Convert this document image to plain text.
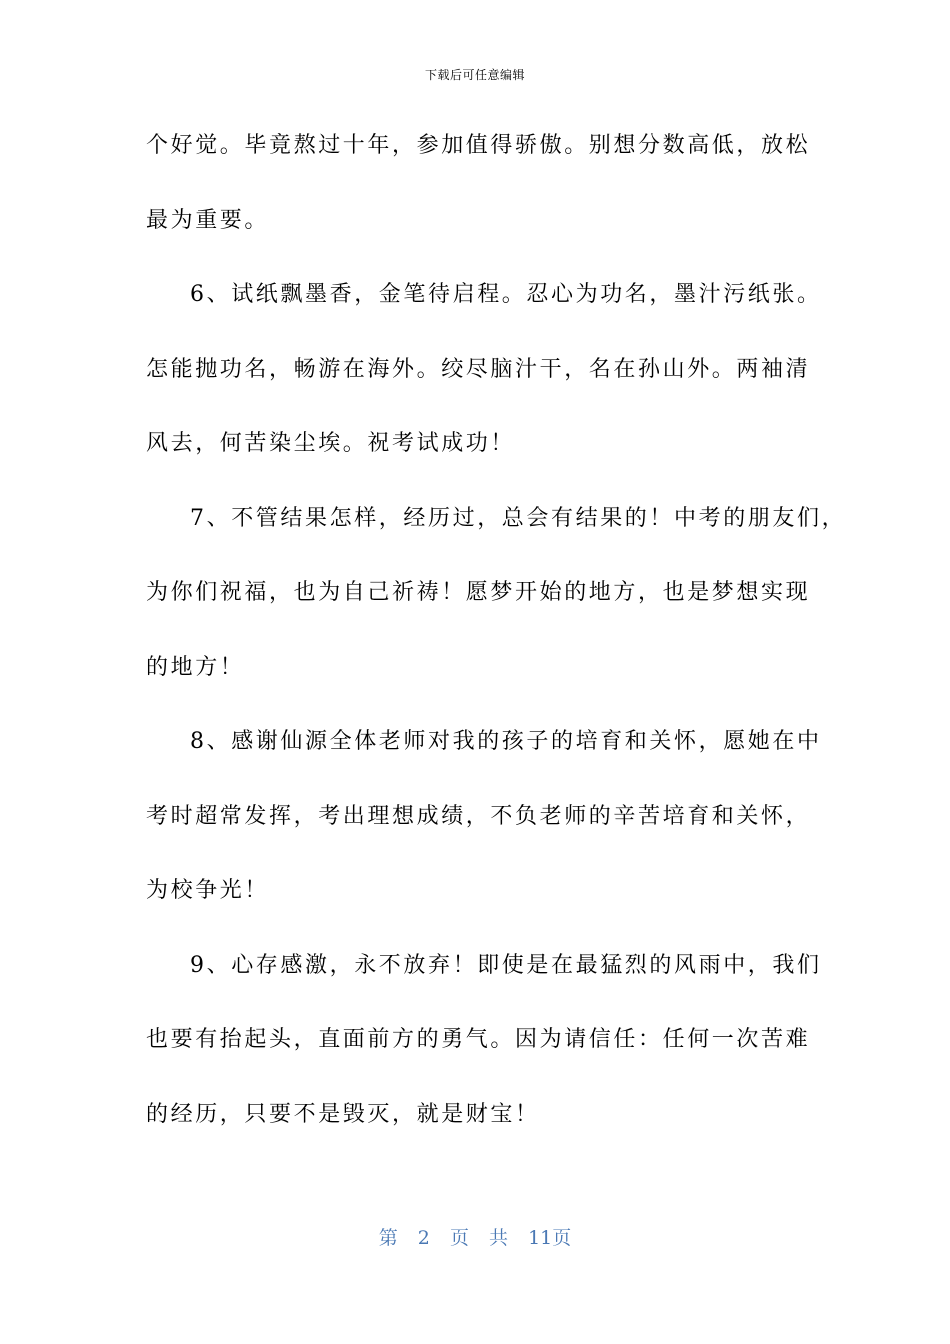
下载后可任意编辑
个好觉。毕竟熬过十年，参加值得骄傲。别想分数高低，放松
最为重要。
6、试纸飘墨香，金笔待启程。忍心为功名，墨汁污纸张。
怎能抛功名，畅游在海外。绞尽脑汁干，名在孙山外。两袖清
风去，何苦染尘埃。祝考试成功！
7、不管结果怎样，经历过，总会有结果的！中考的朋友们，
为你们祝福，也为自己祈祷！愿梦开始的地方，也是梦想实现
的地方！
8、感谢仙源全体老师对我的孩子的培育和关怀，愿她在中
考时超常发挥，考出理想成绩，不负老师的辛苦培育和关怀，
为校争光！
9、心存感激，永不放弃！即使是在最猛烈的风雨中，我们
也要有抬起头，直面前方的勇气。因为请信任：任何一次苦难
的经历，只要不是毁灭，就是财宝！
第 2 页 共 11页
